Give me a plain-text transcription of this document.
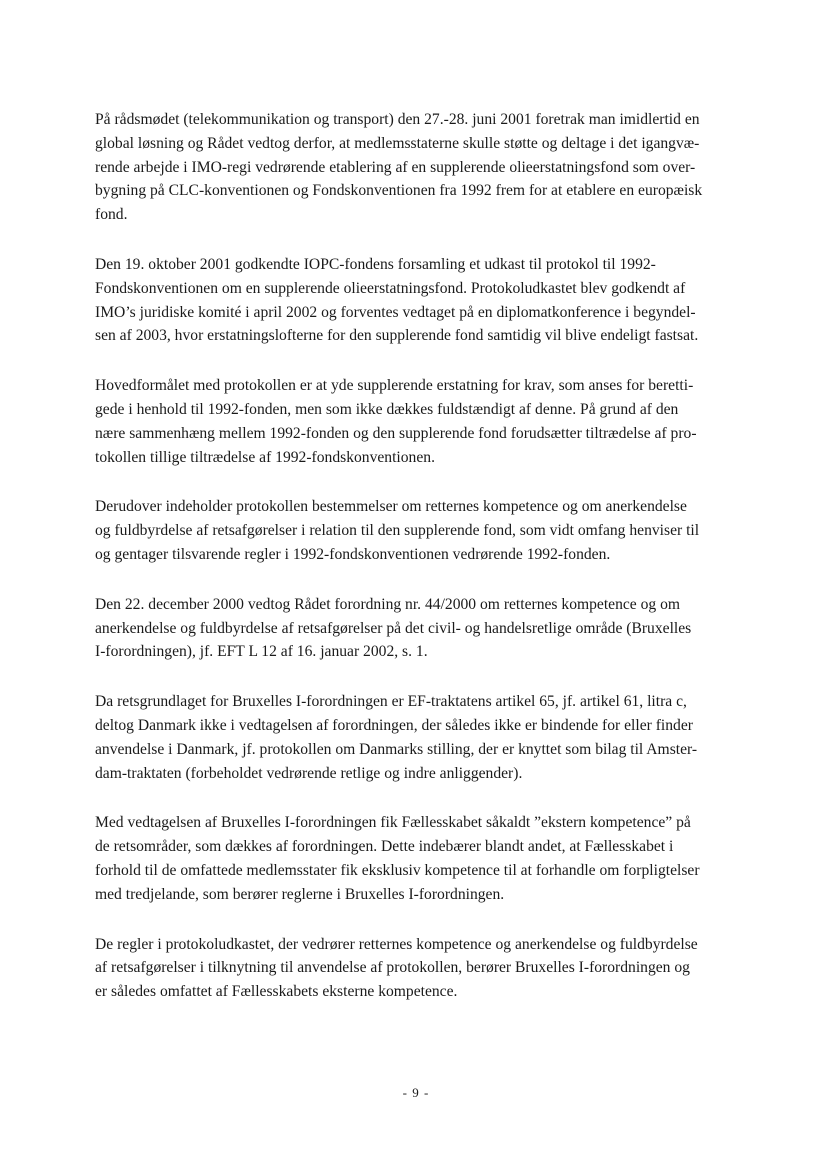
På rådsmødet (telekommunikation og transport) den 27.-28. juni 2001 foretrak man imidlertid en
global løsning og Rådet vedtog derfor, at medlemsstaterne skulle støtte og deltage i det igangvæ-
rende arbejde i IMO-regi vedrørende etablering af en supplerende olieerstatningsfond som over-
bygning på CLC-konventionen og Fondskonventionen fra 1992 frem for at etablere en europæisk
fond.

Den 19. oktober 2001 godkendte IOPC-fondens forsamling et udkast til protokol til 1992-
Fondskonventionen om en supplerende olieerstatningsfond. Protokoludkastet blev godkendt af
IMO’s juridiske komité i april 2002 og forventes vedtaget på en diplomatkonference i begyndel-
sen af 2003, hvor erstatningslofterne for den supplerende fond samtidig vil blive endeligt fastsat.

Hovedformålet med protokollen er at yde supplerende erstatning for krav, som anses for beretti-
gede i henhold til 1992-fonden, men som ikke dækkes fuldstændigt af denne. På grund af den
nære sammenhæng mellem 1992-fonden og den supplerende fond forudsætter tiltrædelse af pro-
tokollen tillige tiltrædelse af 1992-fondskonventionen.

Derudover indeholder protokollen bestemmelser om retternes kompetence og om anerkendelse
og fuldbyrdelse af retsafgørelser i relation til den supplerende fond, som vidt omfang henviser til
og gentager tilsvarende regler i 1992-fondskonventionen vedrørende 1992-fonden.

Den 22. december 2000 vedtog Rådet forordning nr. 44/2000 om retternes kompetence og om
anerkendelse og fuldbyrdelse af retsafgørelser på det civil- og handelsretlige område (Bruxelles
I-forordningen), jf. EFT L 12 af 16. januar 2002, s. 1.

Da retsgrundlaget for Bruxelles I-forordningen er EF-traktatens artikel 65, jf. artikel 61, litra c,
deltog Danmark ikke i vedtagelsen af forordningen, der således ikke er bindende for eller finder
anvendelse i Danmark, jf. protokollen om Danmarks stilling, der er knyttet som bilag til Amster-
dam-traktaten (forbeholdet vedrørende retlige og indre anliggender).

Med vedtagelsen af Bruxelles I-forordningen fik Fællesskabet såkaldt ”ekstern kompetence” på
de retsområder, som dækkes af forordningen. Dette indebærer blandt andet, at Fællesskabet i
forhold til de omfattede medlemsstater fik eksklusiv kompetence til at forhandle om forpligtelser
med tredjelande, som berører reglerne i Bruxelles I-forordningen.

De regler i protokoludkastet, der vedrører retternes kompetence og anerkendelse og fuldbyrdelse
af retsafgørelser i tilknytning til anvendelse af protokollen, berører Bruxelles I-forordningen og
er således omfattet af Fællesskabets eksterne kompetence.

- 9 -
